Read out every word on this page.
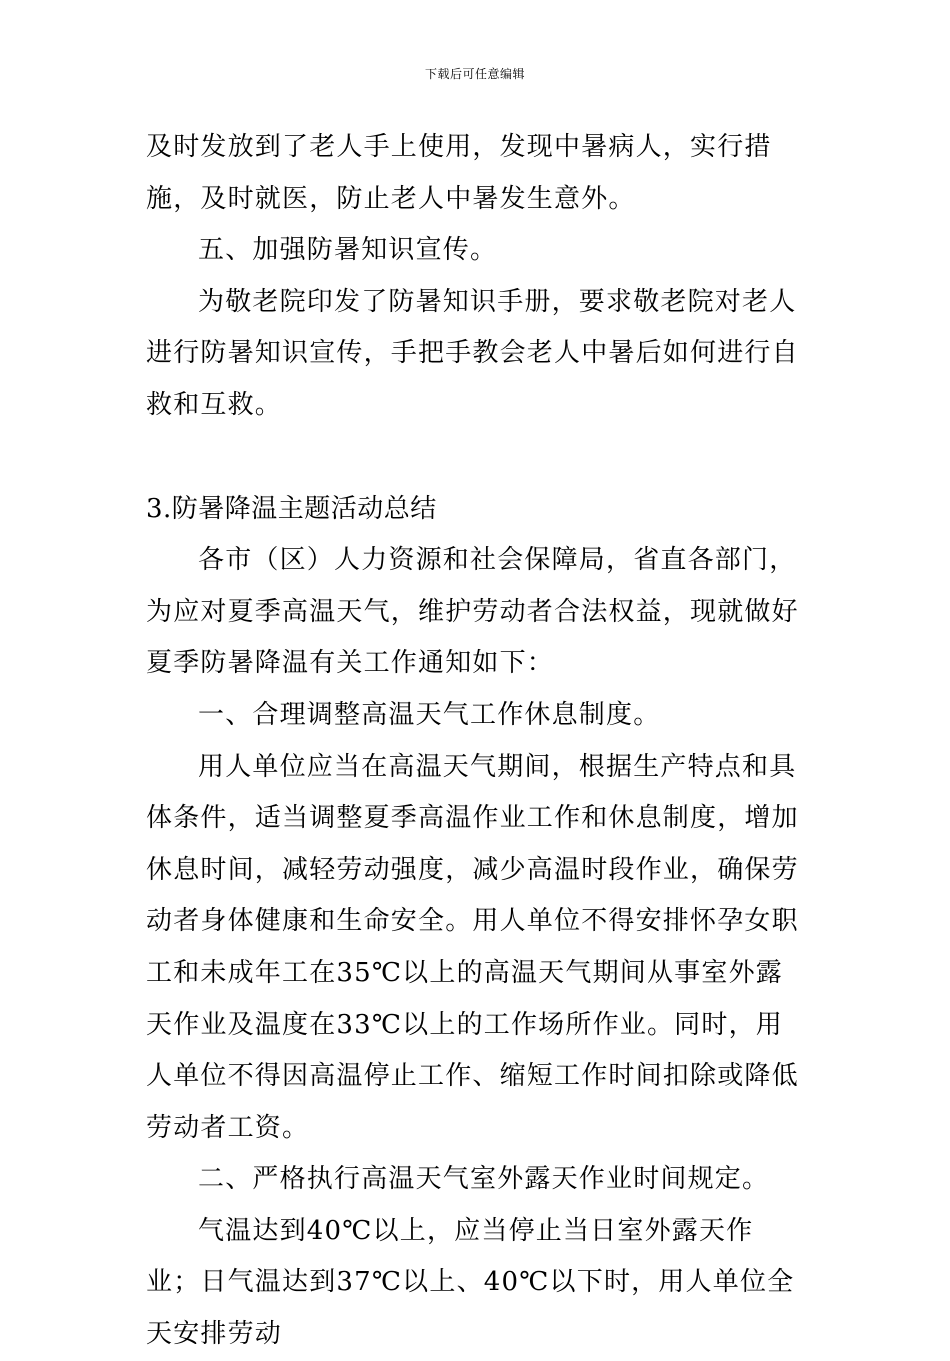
下载后可任意编辑

及时发放到了老人手上使用，发现中暑病人，实行措施，及时就医，防止老人中暑发生意外。

五、加强防暑知识宣传。

为敬老院印发了防暑知识手册，要求敬老院对老人进行防暑知识宣传，手把手教会老人中暑后如何进行自救和互救。

3.防暑降温主题活动总结

各市（区）人力资源和社会保障局，省直各部门，为应对夏季高温天气，维护劳动者合法权益，现就做好夏季防暑降温有关工作通知如下：

一、合理调整高温天气工作休息制度。

用人单位应当在高温天气期间，根据生产特点和具体条件，适当调整夏季高温作业工作和休息制度，增加休息时间，减轻劳动强度，减少高温时段作业，确保劳动者身体健康和生命安全。用人单位不得安排怀孕女职工和未成年工在35℃以上的高温天气期间从事室外露天作业及温度在33℃以上的工作场所作业。同时，用人单位不得因高温停止工作、缩短工作时间扣除或降低劳动者工资。

二、严格执行高温天气室外露天作业时间规定。

气温达到40℃以上，应当停止当日室外露天作业；日气温达到37℃以上、40℃以下时，用人单位全天安排劳动
